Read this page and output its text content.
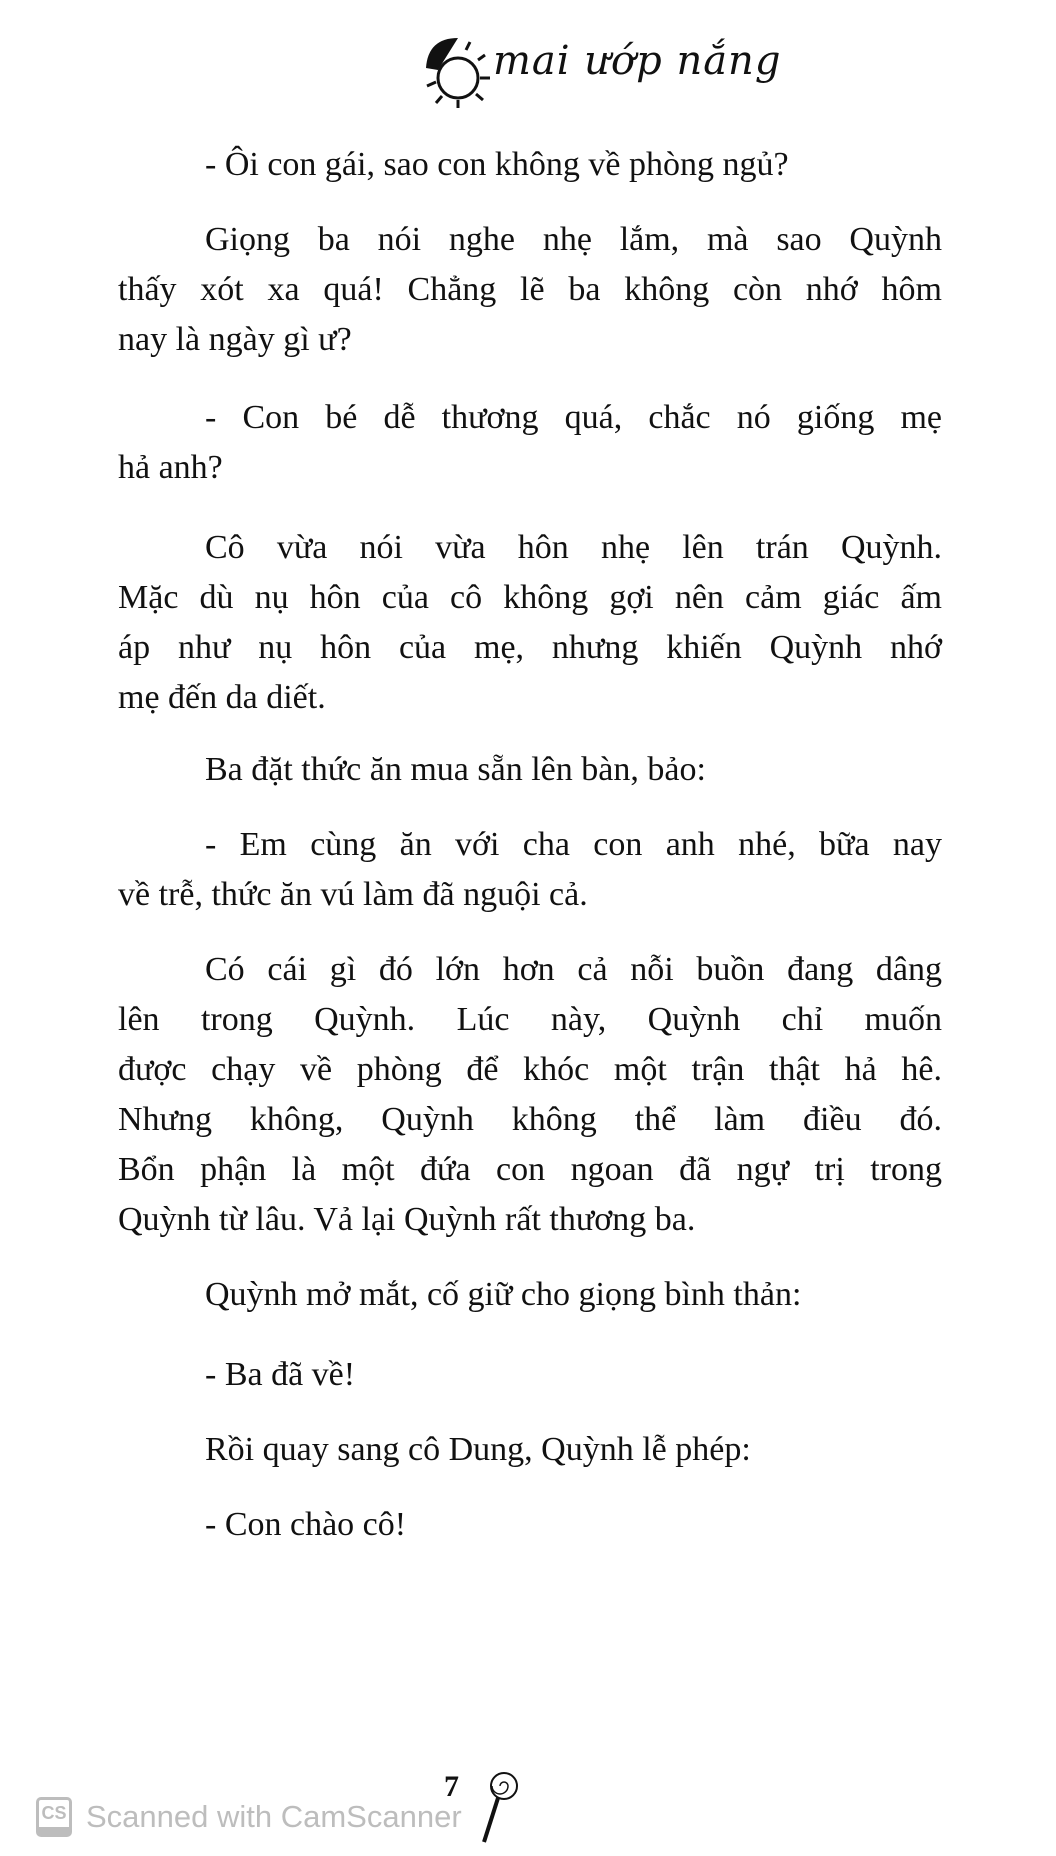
mai ướp nắng
- Ôi con gái, sao con không về phòng ngủ?
Giọng ba nói nghe nhẹ lắm, mà sao Quỳnh
thấy xót xa quá! Chẳng lẽ ba không còn nhớ hôm
nay là ngày gì ư?
- Con bé dễ thương quá, chắc nó giống mẹ
hả anh?
Cô vừa nói vừa hôn nhẹ lên trán Quỳnh.
Mặc dù nụ hôn của cô không gợi nên cảm giác ấm
áp như nụ hôn của mẹ, nhưng khiến Quỳnh nhớ
mẹ đến da diết.
Ba đặt thức ăn mua sẵn lên bàn, bảo:
- Em cùng ăn với cha con anh nhé, bữa nay
về trễ, thức ăn vú làm đã nguội cả.
Có cái gì đó lớn hơn cả nỗi buồn đang dâng
lên trong Quỳnh. Lúc này, Quỳnh chỉ muốn
được chạy về phòng để khóc một trận thật hả hê.
Nhưng không, Quỳnh không thể làm điều đó.
Bổn phận là một đứa con ngoan đã ngự trị trong
Quỳnh từ lâu. Vả lại Quỳnh rất thương ba.
Quỳnh mở mắt, cố giữ cho giọng bình thản:
- Ba đã về!
Rồi quay sang cô Dung, Quỳnh lễ phép:
- Con chào cô!
7
CS Scanned with CamScanner
